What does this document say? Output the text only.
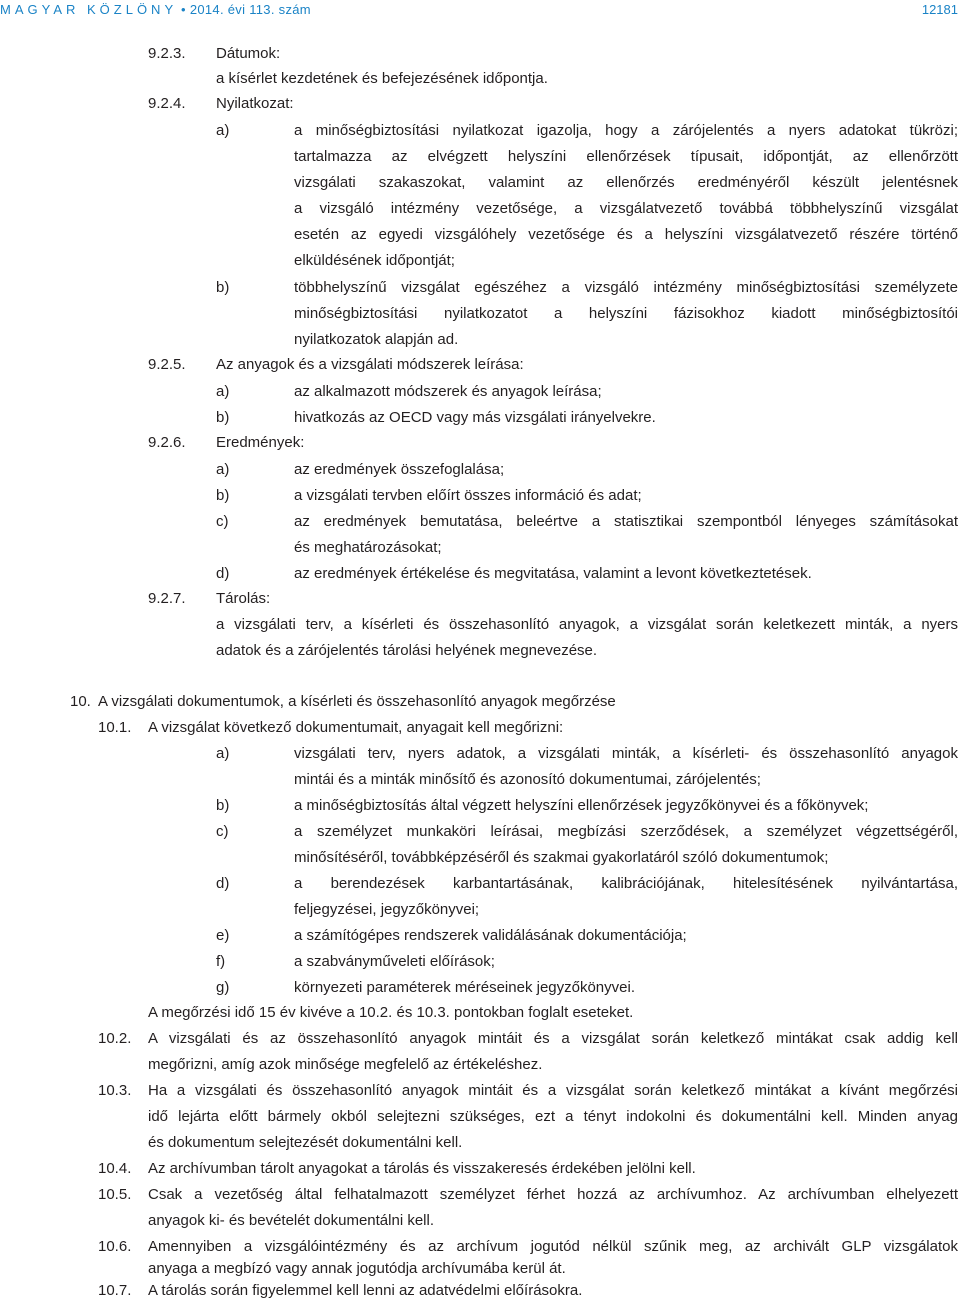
MAGYAR KÖZLÖNY • 2014. évi 113. szám	12181
9.2.3. Dátumok:
a kísérlet kezdetének és befejezésének időpontja.
9.2.4. Nyilatkozat:
a)	a minőségbiztosítási nyilatkozat igazolja, hogy a zárójelentés a nyers adatokat tükrözi;
tartalmazza az elvégzett helyszíni ellenőrzések típusait, időpontját, az ellenőrzött
vizsgálati szakaszokat, valamint az ellenőrzés eredményéről készült jelentésnek
a vizsgáló intézmény vezetősége, a vizsgálatvezető továbbá többhelyszínű vizsgálat
esetén az egyedi vizsgálóhely vezetősége és a helyszíni vizsgálatvezető részére történő
elküldésének időpontját;
b)	többhelyszínű vizsgálat egészéhez a vizsgáló intézmény minőségbiztosítási személyzete
minőségbiztosítási nyilatkozatot a helyszíni fázisokhoz kiadott minőségbiztosítói
nyilatkozatok alapján ad.
9.2.5. Az anyagok és a vizsgálati módszerek leírása:
a)	az alkalmazott módszerek és anyagok leírása;
b)	hivatkozás az OECD vagy más vizsgálati irányelvekre.
9.2.6. Eredmények:
a)	az eredmények összefoglalása;
b)	a vizsgálati tervben előírt összes információ és adat;
c)	az eredmények bemutatása, beleértve a statisztikai szempontból lényeges számításokat
és meghatározásokat;
d)	az eredmények értékelése és megvitatása, valamint a levont következtetések.
9.2.7. Tárolás:
a vizsgálati terv, a kísérleti és összehasonlító anyagok, a vizsgálat során keletkezett minták, a nyers
adatok és a zárójelentés tárolási helyének megnevezése.
10. A vizsgálati dokumentumok, a kísérleti és összehasonlító anyagok megőrzése
10.1. A vizsgálat következő dokumentumait, anyagait kell megőrizni:
a)	vizsgálati terv, nyers adatok, a vizsgálati minták, a kísérleti- és összehasonlító anyagok
mintái és a minták minősítő és azonosító dokumentumai, zárójelentés;
b)	a minőségbiztosítás által végzett helyszíni ellenőrzések jegyzőkönyvei és a főkönyvek;
c)	a személyzet munkaköri leírásai, megbízási szerződések, a személyzet végzettségéről,
minősítéséről, továbbképzéséről és szakmai gyakorlatáról szóló dokumentumok;
d)	a berendezések karbantartásának, kalibrációjának, hitelesítésének nyilvántartása,
feljegyzései, jegyzőkönyvei;
e)	a számítógépes rendszerek validálásának dokumentációja;
f)	a szabványműveleti előírások;
g)	környezeti paraméterek méréseinek jegyzőkönyvei.
A megőrzési idő 15 év kivéve a 10.2. és 10.3. pontokban foglalt eseteket.
10.2. A vizsgálati és az összehasonlító anyagok mintáit és a vizsgálat során keletkező mintákat csak addig kell
megőrizni, amíg azok minősége megfelelő az értékeléshez.
10.3. Ha a vizsgálati és összehasonlító anyagok mintáit és a vizsgálat során keletkező mintákat a kívánt megőrzési
idő lejárta előtt bármely okból selejtezni szükséges, ezt a tényt indokolni és dokumentálni kell. Minden anyag
és dokumentum selejtezését dokumentálni kell.
10.4. Az archívumban tárolt anyagokat a tárolás és visszakeresés érdekében jelölni kell.
10.5. Csak a vezetőség által felhatalmazott személyzet férhet hozzá az archívumhoz. Az archívumban elhelyezett
anyagok ki- és bevételét dokumentálni kell.
10.6. Amennyiben a vizsgálóintézmény és az archívum jogutód nélkül szűnik meg, az archivált GLP vizsgálatok
anyaga a megbízó vagy annak jogutódja archívumába kerül át.
10.7. A tárolás során figyelemmel kell lenni az adatvédelmi előírásokra.
